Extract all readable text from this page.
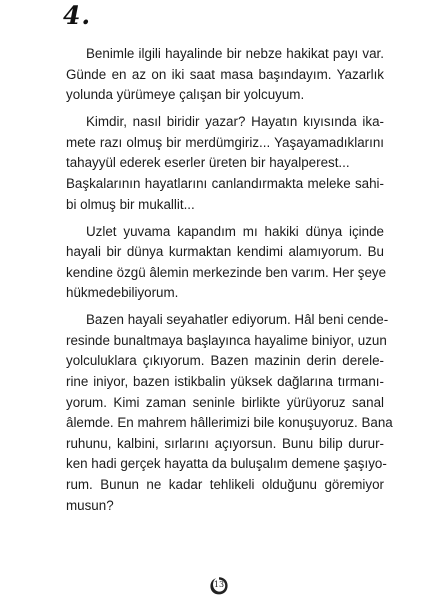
4.
Benimle ilgili hayalinde bir nebze hakikat payı var.
Günde en az on iki saat masa başındayım. Yazarlık
yolunda yürümeye çalışan bir yolcuyum.
Kimdir, nasıl biridir yazar? Hayatın kıyısında ika-
mete razı olmuş bir merdümgiriz... Yaşayamadıklarını
tahayyül ederek eserler üreten bir hayalperest...
Başkalarının hayatlarını canlandırmakta meleke sahi-
bi olmuş bir mukallit...
Uzlet yuvama kapandım mı hakiki dünya içinde
hayali bir dünya kurmaktan kendimi alamıyorum. Bu
kendine özgü âlemin merkezinde ben varım. Her şeye
hükmedebiliyorum.
Bazen hayali seyahatler ediyorum. Hâl beni cende-
resinde bunaltmaya başlayınca hayalime biniyor, uzun
yolculuklara çıkıyorum. Bazen mazinin derin derele-
rine iniyor, bazen istikbalin yüksek dağlarına tırmanı-
yorum. Kimi zaman seninle birlikte yürüyoruz sanal
âlemde. En mahrem hâllerimizi bile konuşuyoruz. Bana
ruhunu, kalbini, sırlarını açıyorsun. Bunu bilip durur-
ken hadi gerçek hayatta da buluşalım demene şaşıyo-
rum. Bunun ne kadar tehlikeli olduğunu göremiyor
musun?
13
